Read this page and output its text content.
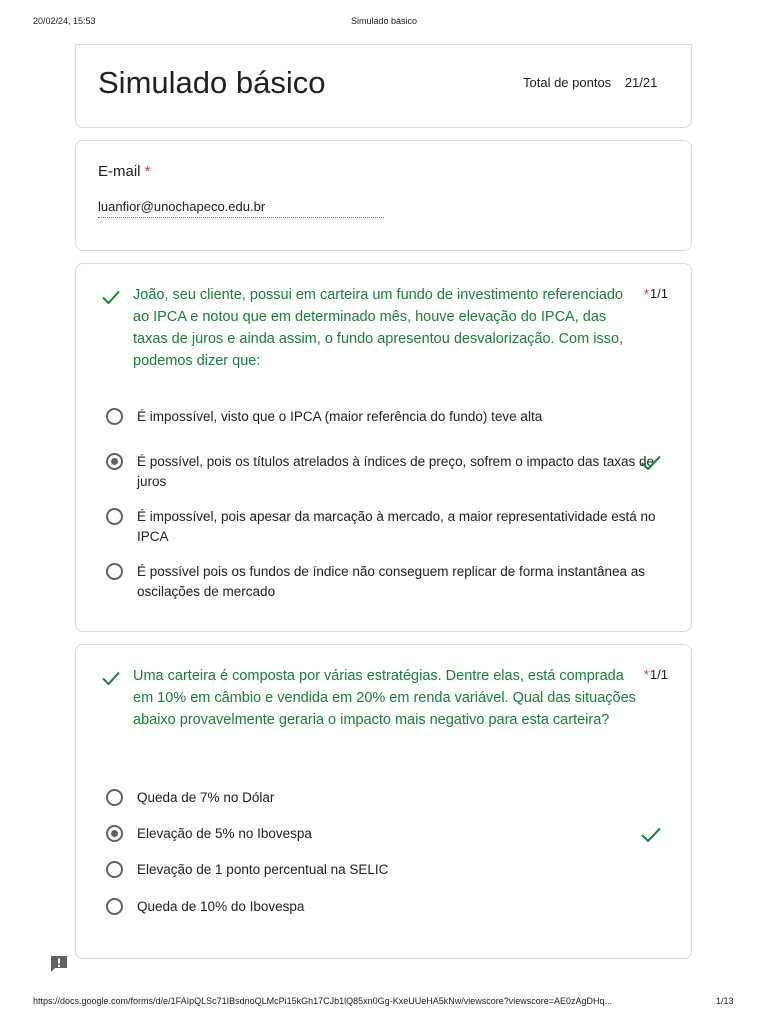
20/02/24, 15:53	Simulado básico
Simulado básico	Total de pontos 21/21
E-mail *
luanfior@unochapeco.edu.br
João, seu cliente, possui em carteira um fundo de investimento referenciado ao IPCA e notou que em determinado mês, houve elevação do IPCA, das taxas de juros e ainda assim, o fundo apresentou desvalorização. Com isso, podemos dizer que:
*1/1
É impossível, visto que o IPCA (maior referência do fundo) teve alta
É possível, pois os títulos atrelados à índices de preço, sofrem o impacto das taxas de juros
É impossível, pois apesar da marcação à mercado, a maior representatividade está no IPCA
É possível pois os fundos de índice não conseguem replicar de forma instantânea as oscilações de mercado
Uma carteira é composta por várias estratégias. Dentre elas, está comprada em 10% em câmbio e vendida em 20% em renda variável. Qual das situações abaixo provavelmente geraria o impacto mais negativo para esta carteira?
*1/1
Queda de 7% no Dólar
Elevação de 5% no Ibovespa
Elevação de 1 ponto percentual na SELIC
Queda de 10% do Ibovespa
https://docs.google.com/forms/d/e/1FAIpQLSc71IBsdnoQLMcPi15kGh17CJb1lQ85xn0Gg-KxeUUeHA5kNw/viewscore?viewscore=AE0zAgDHq...	1/13
